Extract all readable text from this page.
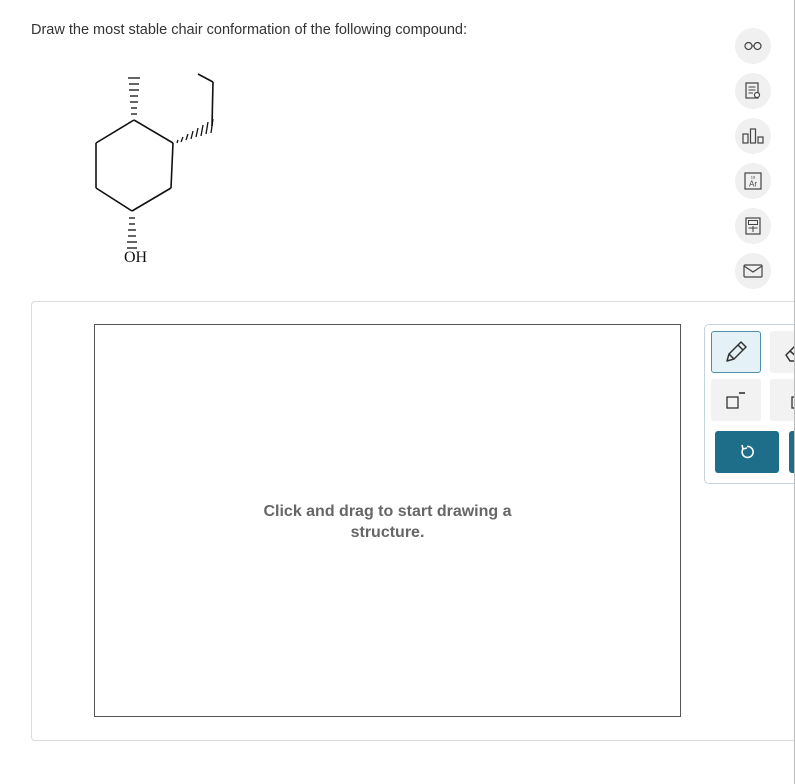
Draw the most stable chair conformation of the following compound:
OH
18
Ar
Click and drag to start drawing a
structure.
